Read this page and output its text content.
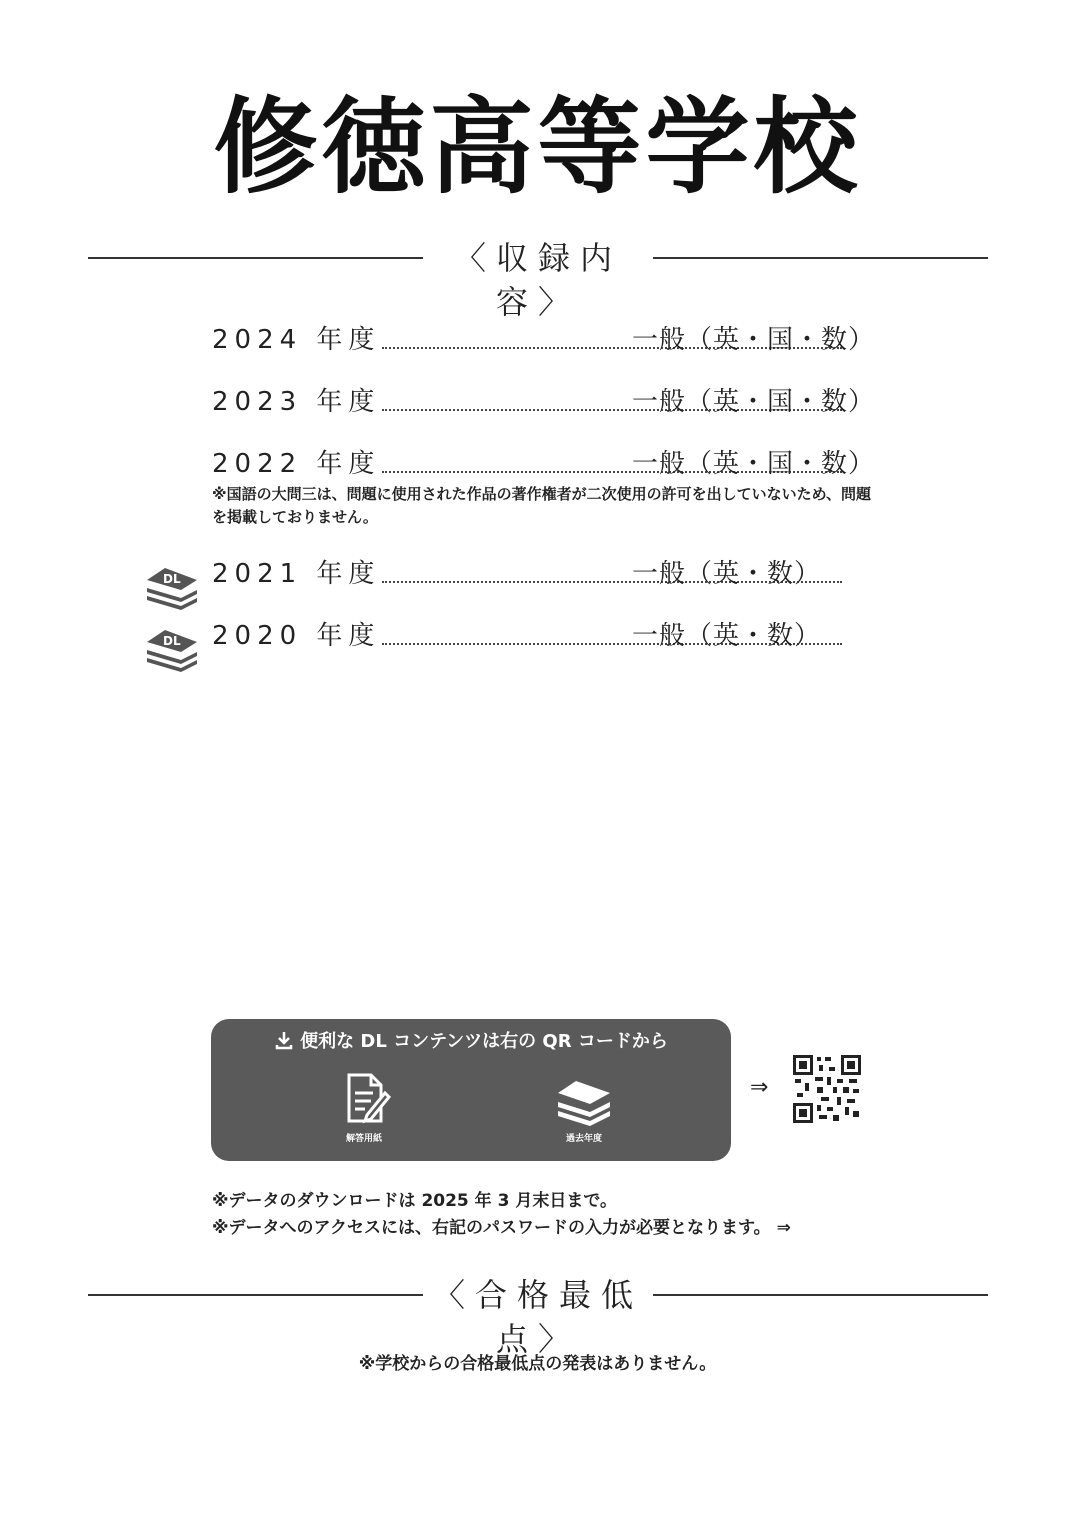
修徳高等学校
〈収録内容〉
2024 年度	一般（英・国・数）
2023 年度	一般（英・国・数）
2022 年度	一般（英・国・数）
※国語の大問三は、問題に使用された作品の著作権者が二次使用の許可を出していないため、問題を掲載しておりません。
DL 2021 年度	一般（英・数）
DL 2020 年度	一般（英・数）
便利な DL コンテンツは右の QR コードから
解答用紙	過去年度
⇒
※データのダウンロードは 2025 年 3 月末日まで。
※データへのアクセスには、右記のパスワードの入力が必要となります。 ⇒
〈合格最低点〉
※学校からの合格最低点の発表はありません。
